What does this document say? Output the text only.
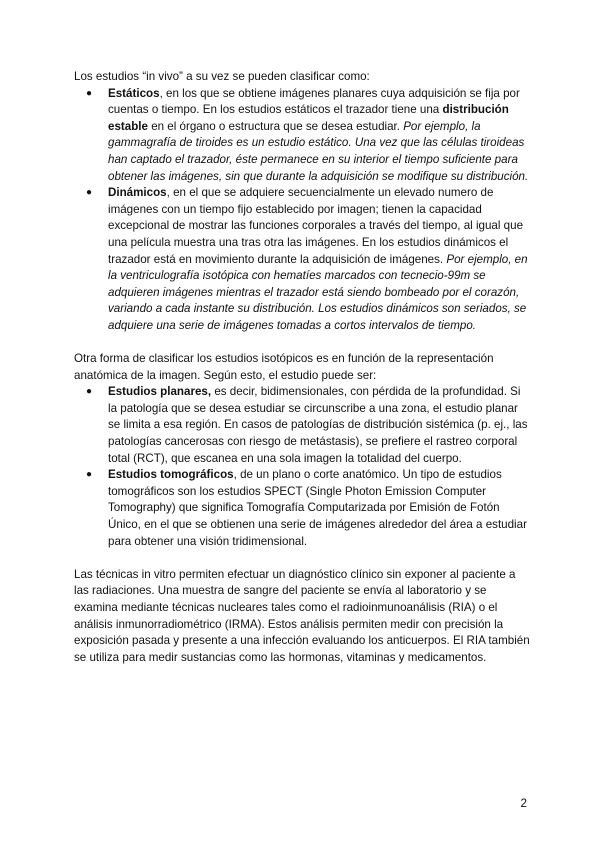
Los estudios “in vivo” a su vez se pueden clasificar como:

●	Estáticos, en los que se obtiene imágenes planares cuya adquisición se fija por cuentas o tiempo. En los estudios estáticos el trazador tiene una distribución estable en el órgano o estructura que se desea estudiar. Por ejemplo, la gammagrafía de tiroides es un estudio estático. Una vez que las células tiroideas han captado el trazador, éste permanece en su interior el tiempo suficiente para obtener las imágenes, sin que durante la adquisición se modifique su distribución.
●	Dinámicos, en el que se adquiere secuencialmente un elevado numero de imágenes con un tiempo fijo establecido por imagen; tienen la capacidad excepcional de mostrar las funciones corporales a través del tiempo, al igual que una película muestra una tras otra las imágenes. En los estudios dinámicos el trazador está en movimiento durante la adquisición de imágenes. Por ejemplo, en la ventriculografía isotópica con hematíes marcados con tecnecio-99m se adquieren imágenes mientras el trazador está siendo bombeado por el corazón, variando a cada instante su distribución. Los estudios dinámicos son seriados, se adquiere una serie de imágenes tomadas a cortos intervalos de tiempo.

Otra forma de clasificar los estudios isotópicos es en función de la representación anatómica de la imagen. Según esto, el estudio puede ser:

●	Estudios planares, es decir, bidimensionales, con pérdida de la profundidad. Si la patología que se desea estudiar se circunscribe a una zona, el estudio planar se limita a esa región. En casos de patologías de distribución sistémica (p. ej., las patologías cancerosas con riesgo de metástasis), se prefiere el rastreo corporal total (RCT), que escanea en una sola imagen la totalidad del cuerpo.
●	Estudios tomográficos, de un plano o corte anatómico. Un tipo de estudios tomográficos son los estudios SPECT (Single Photon Emission Computer Tomography) que significa Tomografía Computarizada por Emisión de Fotón Único, en el que se obtienen una serie de imágenes alrededor del área a estudiar para obtener una visión tridimensional.

Las técnicas in vitro permiten efectuar un diagnóstico clínico sin exponer al paciente a las radiaciones. Una muestra de sangre del paciente se envía al laboratorio y se examina mediante técnicas nucleares tales como el radioinmunoanálisis (RIA) o el análisis inmunorradiométrico (IRMA). Estos análisis permiten medir con precisión la exposición pasada y presente a una infección evaluando los anticuerpos. El RIA también se utiliza para medir sustancias como las hormonas, vitaminas y medicamentos.

2
